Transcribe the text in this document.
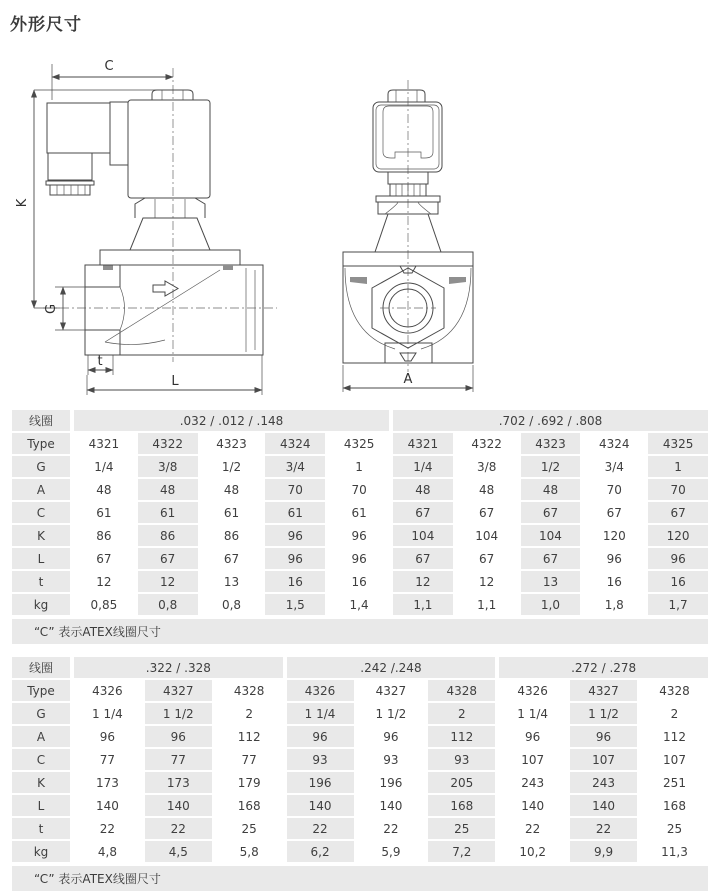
外形尺寸
C
K
G
t
L	A
线圈	.032 / .012 / .148					.702 / .692 / .808				
Type	4321	4322	4323	4324	4325	4321	4322	4323	4324	4325
G	1/4	3/8	1/2	3/4	1	1/4	3/8	1/2	3/4	1
A	48	48	48	70	70	48	48	48	70	70
C	61	61	61	61	61	67	67	67	67	67
K	86	86	86	96	96	104	104	104	120	120
L	67	67	67	96	96	67	67	67	96	96
t	12	12	13	16	16	12	12	13	16	16
kg	0,85	0,8	0,8	1,5	1,4	1,1	1,1	1,0	1,8	1,7
“C” 表示ATEX线圈尺寸
线圈	.322 / .328			.242 /.248			.272 / .278		
Type	4326	4327	4328	4326	4327	4328	4326	4327	4328
G	1 1/4	1 1/2	2	1 1/4	1 1/2	2	1 1/4	1 1/2	2
A	96	96	112	96	96	112	96	96	112
C	77	77	77	93	93	93	107	107	107
K	173	173	179	196	196	205	243	243	251
L	140	140	168	140	140	168	140	140	168
t	22	22	25	22	22	25	22	22	25
kg	4,8	4,5	5,8	6,2	5,9	7,2	10,2	9,9	11,3
“C” 表示ATEX线圈尺寸
